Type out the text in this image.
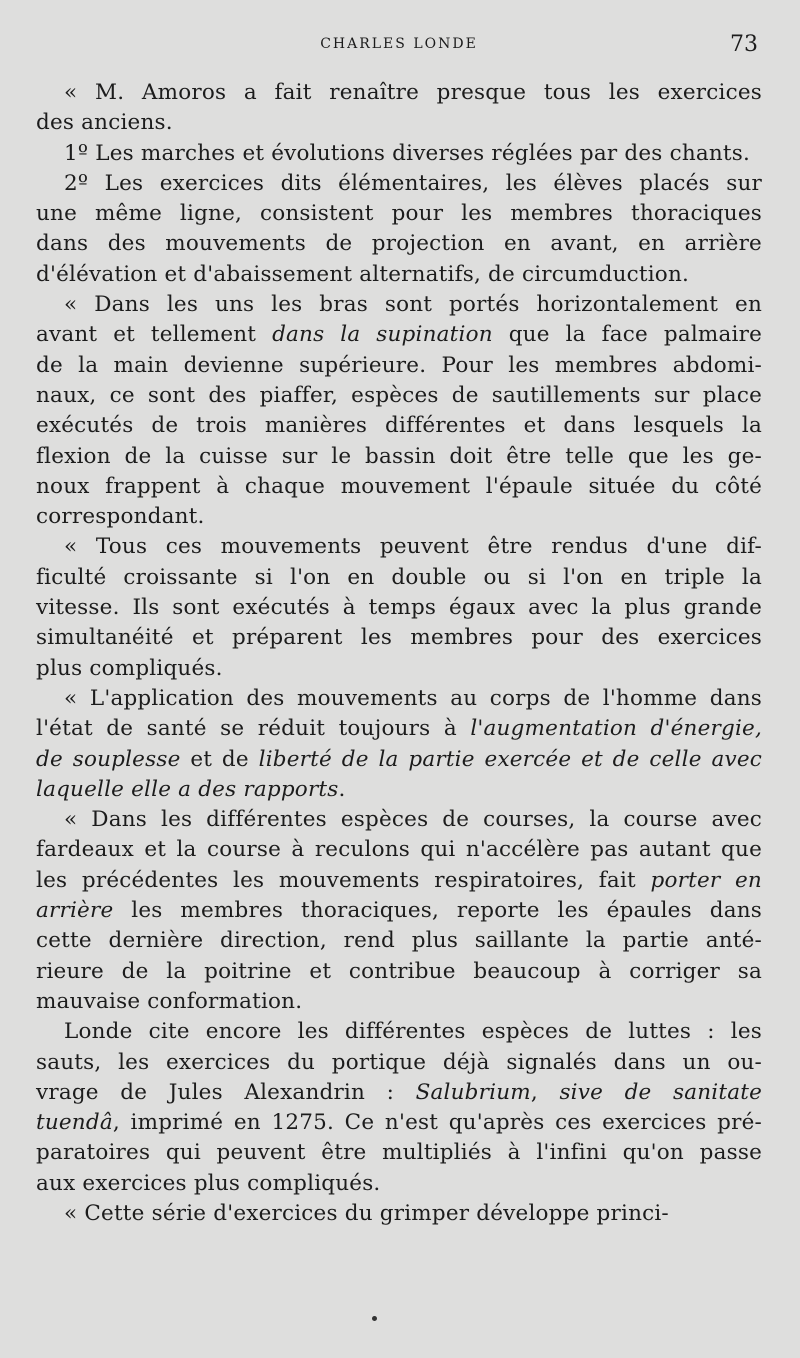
CHARLES LONDE	73
« M. Amoros a fait renaître presque tous les exercices
des anciens.
1º Les marches et évolutions diverses réglées par des chants.
2º Les exercices dits élémentaires, les élèves placés sur
une même ligne, consistent pour les membres thoraciques
dans des mouvements de projection en avant, en arrière
d'élévation et d'abaissement alternatifs, de circumduction.
« Dans les uns les bras sont portés horizontalement en
avant et tellement dans la supination que la face palmaire
de la main devienne supérieure. Pour les membres abdomi-
naux, ce sont des piaffer, espèces de sautillements sur place
exécutés de trois manières différentes et dans lesquels la
flexion de la cuisse sur le bassin doit être telle que les ge-
noux frappent à chaque mouvement l'épaule située du côté
correspondant.
« Tous ces mouvements peuvent être rendus d'une dif-
ficulté croissante si l'on en double ou si l'on en triple la
vitesse. Ils sont exécutés à temps égaux avec la plus grande
simultanéité et préparent les membres pour des exercices
plus compliqués.
« L'application des mouvements au corps de l'homme dans
l'état de santé se réduit toujours à l'augmentation d'énergie,
de souplesse et de liberté de la partie exercée et de celle avec
laquelle elle a des rapports.
« Dans les différentes espèces de courses, la course avec
fardeaux et la course à reculons qui n'accélère pas autant que
les précédentes les mouvements respiratoires, fait porter en
arrière les membres thoraciques, reporte les épaules dans
cette dernière direction, rend plus saillante la partie anté-
rieure de la poitrine et contribue beaucoup à corriger sa
mauvaise conformation.
Londe cite encore les différentes espèces de luttes : les
sauts, les exercices du portique déjà signalés dans un ou-
vrage de Jules Alexandrin : Salubrium, sive de sanitate
tuendâ, imprimé en 1275. Ce n'est qu'après ces exercices pré-
paratoires qui peuvent être multipliés à l'infini qu'on passe
aux exercices plus compliqués.
« Cette série d'exercices du grimper développe princi-
